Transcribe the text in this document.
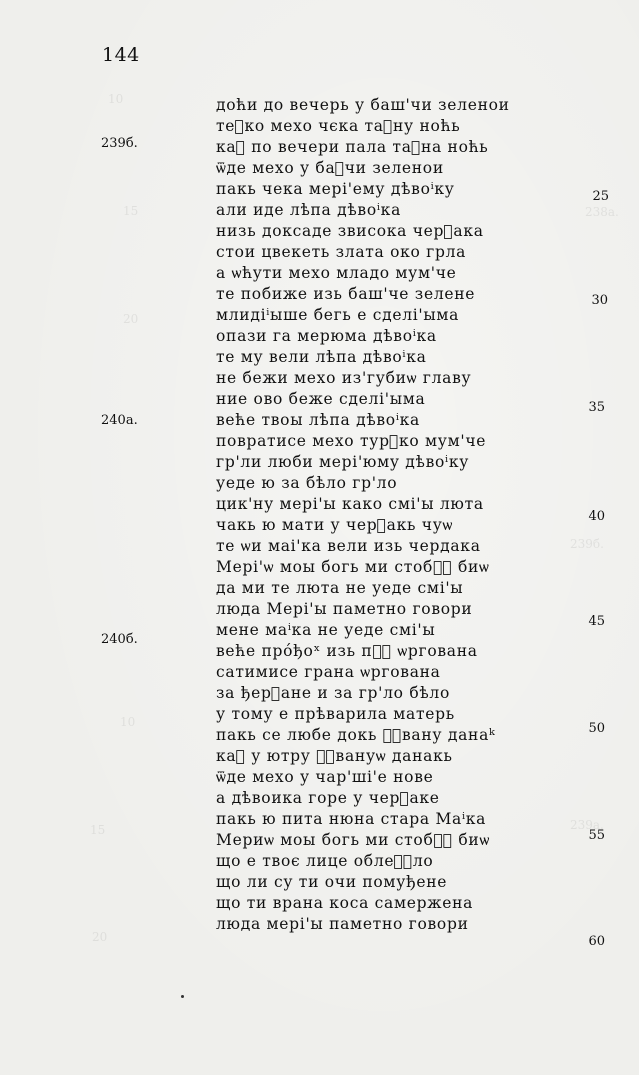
10
15
20
10
15
20
238а.
239б.
239а.
144
239б.
240а.
240б.
25
30
35
40
45
50
55
60
доћи до вечерь у баш'чи зеленои
теᷗко мехо чєка та᷻ну ноћь
каᷣ по вечери пала та᷻на ноћь
ѿде мехо у баᷮчи зеленои
пакь чека мері'ему дѣвоⁱку
али иде лѣпа дѣвоⁱка
низь доксаде звисока черᷣака
стои цвекеть злата око грла
а ѡћути мехо младо мум'че
те побиже изь баш'че зелене
млидіⁱыше бегь е сделі'ыма
опази га мерюма дѣвоⁱка
те му вели лѣпа дѣвоⁱка
не бежи мехо из'губиѡ главу
ние ово беже сделі'ыма
веће твоы лѣпа дѣвоⁱка
повратисе мехо турᷱко мум'че
гр'ли люби мері'юму дѣвоⁱку
уеде ю за бѣло гр'ло
цик'ну мері'ы како смі'ы люта
чакь ю мати у черᷣакь чуѡ
те ѡи маі'ка вели изь чердака
Мері'ѡ моы богь ми стобѡᷧ биѡ
да ми те люта не уеде смі'ы
люда Мері'ы паметно говори
мене маⁱка не уеде смі'ы
веће про́ђоˣ изь пѡᷣ ѡргована
сатимисе грана ѡргована
за ђерᷣане и за гр'ло бѣло
у тому е прѣварила матерь
пакь се любе докь ѡᷱвану данаᵏ
каᷣ у ютру ѡᷱвануѡ данакь
ѿде мехо у чар'ші'е нове
а дѣвоика горе у черᷣаке
пакь ю пита нюна стара Маⁱка
Мериѡ моы богь ми стобѡᷧ биѡ
що е твоє лице облеᷣᷣло
що ли су ти очи помуђене
що ти врана коса самержена
люда мері'ы паметно говори
